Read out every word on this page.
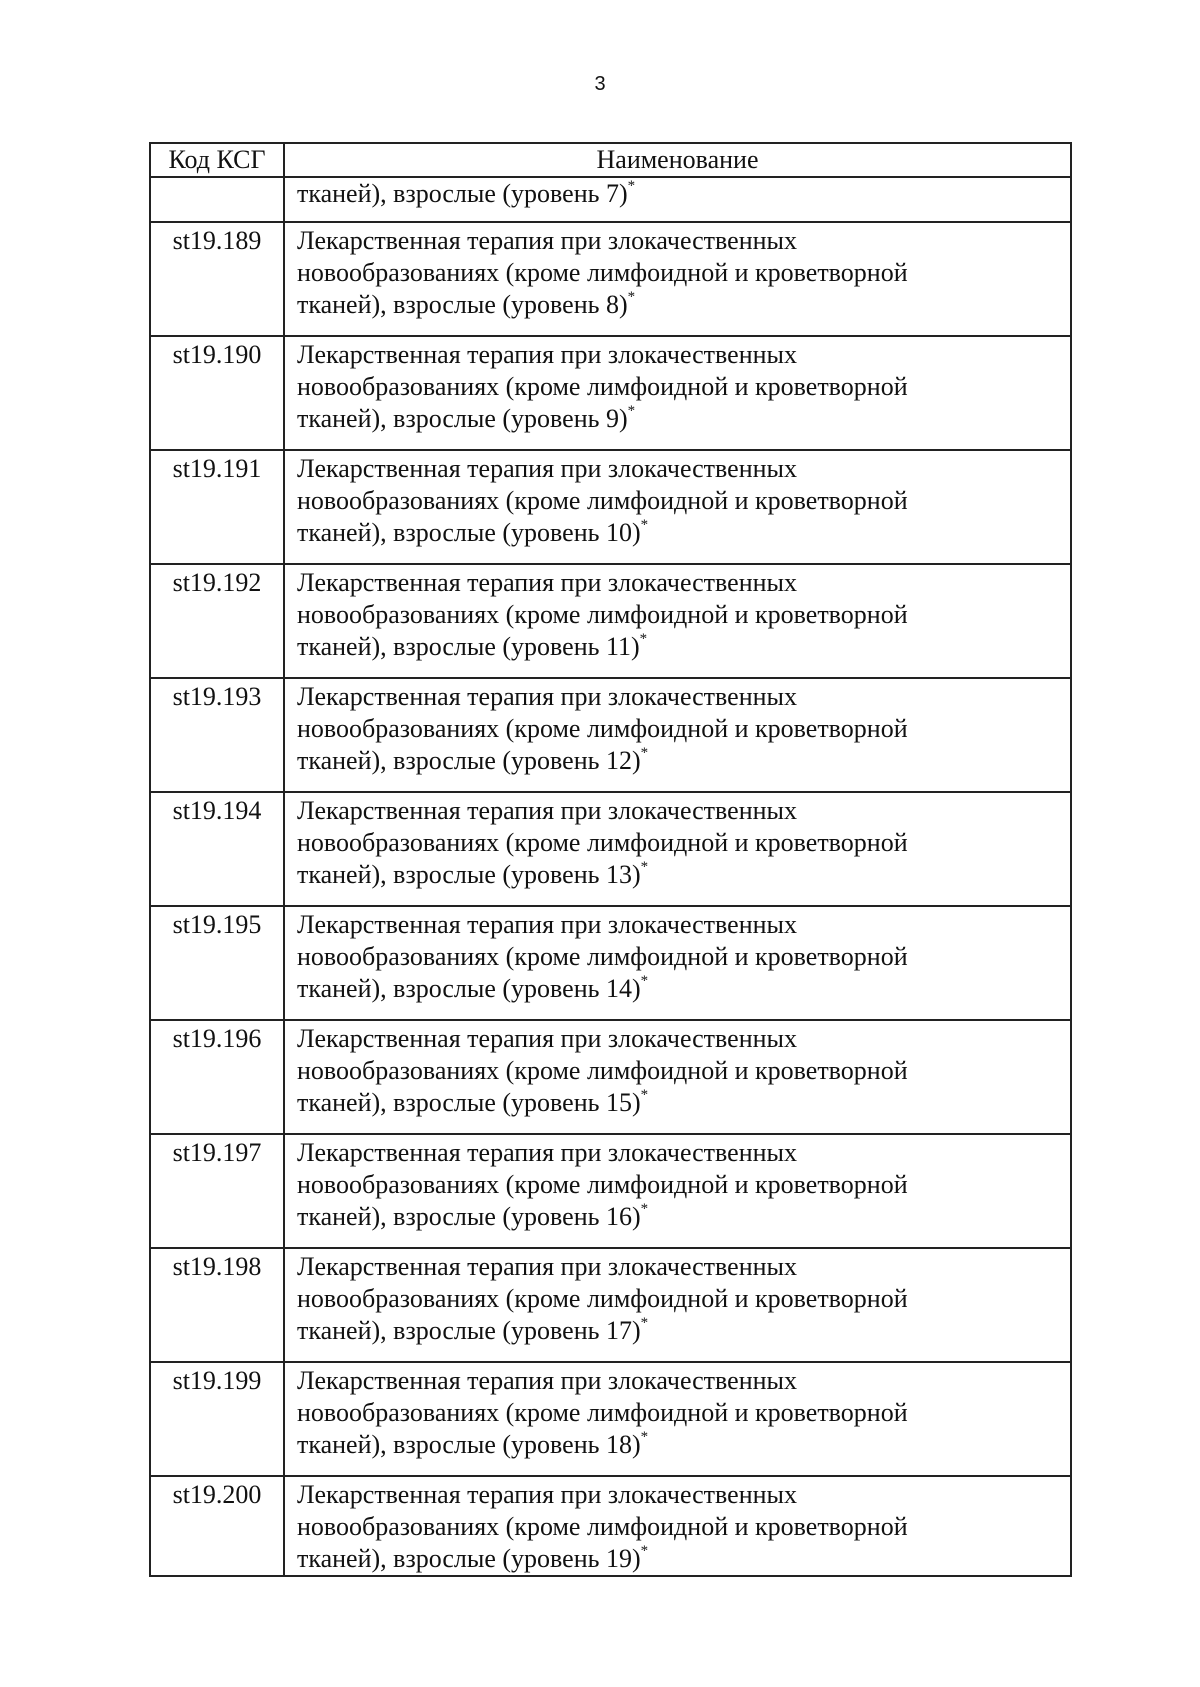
3
Код КСГ	Наименование

	тканей), взрослые (уровень 7)*

st19.189	Лекарственная терапия при злокачественных
новообразованиях (кроме лимфоидной и кроветворной
тканей), взрослые (уровень 8)*

st19.190	Лекарственная терапия при злокачественных
новообразованиях (кроме лимфоидной и кроветворной
тканей), взрослые (уровень 9)*

st19.191	Лекарственная терапия при злокачественных
новообразованиях (кроме лимфоидной и кроветворной
тканей), взрослые (уровень 10)*

st19.192	Лекарственная терапия при злокачественных
новообразованиях (кроме лимфоидной и кроветворной
тканей), взрослые (уровень 11)*

st19.193	Лекарственная терапия при злокачественных
новообразованиях (кроме лимфоидной и кроветворной
тканей), взрослые (уровень 12)*

st19.194	Лекарственная терапия при злокачественных
новообразованиях (кроме лимфоидной и кроветворной
тканей), взрослые (уровень 13)*

st19.195	Лекарственная терапия при злокачественных
новообразованиях (кроме лимфоидной и кроветворной
тканей), взрослые (уровень 14)*

st19.196	Лекарственная терапия при злокачественных
новообразованиях (кроме лимфоидной и кроветворной
тканей), взрослые (уровень 15)*

st19.197	Лекарственная терапия при злокачественных
новообразованиях (кроме лимфоидной и кроветворной
тканей), взрослые (уровень 16)*

st19.198	Лекарственная терапия при злокачественных
новообразованиях (кроме лимфоидной и кроветворной
тканей), взрослые (уровень 17)*

st19.199	Лекарственная терапия при злокачественных
новообразованиях (кроме лимфоидной и кроветворной
тканей), взрослые (уровень 18)*

st19.200	Лекарственная терапия при злокачественных
новообразованиях (кроме лимфоидной и кроветворной
тканей), взрослые (уровень 19)*
